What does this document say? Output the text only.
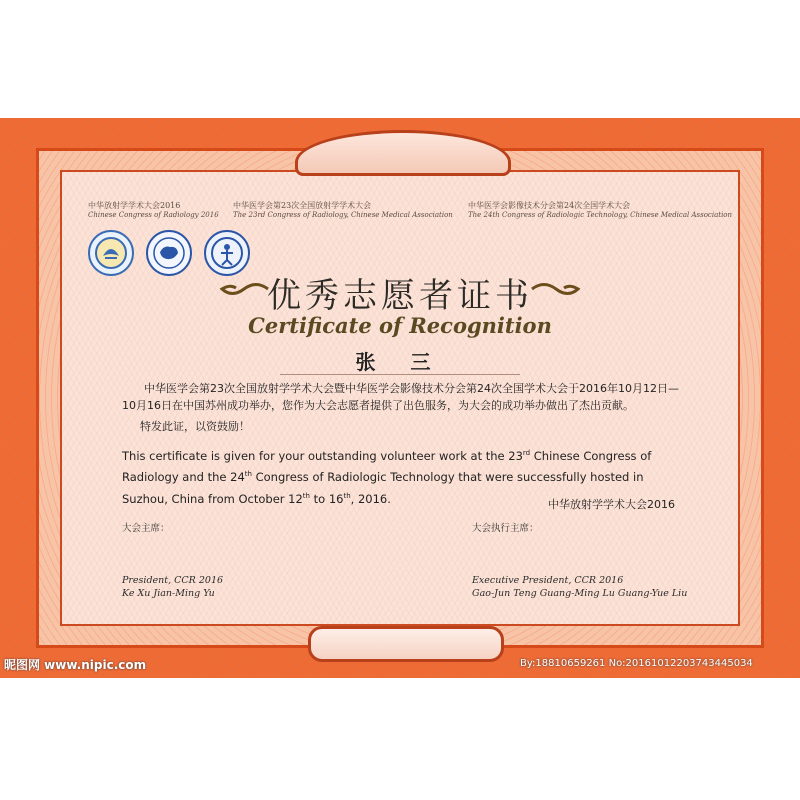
中华放射学学术大会2016
Chinese Congress of Radiology 2016
中华医学会第23次全国放射学学术大会
The 23rd Congress of Radiology, Chinese Medical Association
中华医学会影像技术分会第24次全国学术大会
The 24th Congress of Radiologic Technology, Chinese Medical Association
优秀志愿者证书
Certificate of Recognition
张 三
中华医学会第23次全国放射学学术大会暨中华医学会影像技术分会第24次全国学术大会于2016年10月12日—10月16日在中国苏州成功举办，您作为大会志愿者提供了出色服务，为大会的成功举办做出了杰出贡献。
特发此证，以资鼓励！
This certificate is given for your outstanding volunteer work at the 23rd Chinese Congress of Radiology and the 24th Congress of Radiologic Technology that were successfully hosted in Suzhou, China from October 12th to 16th, 2016.	中华放射学学术大会2016
大会主席：	大会执行主席：
President, CCR 2016
Ke Xu Jian-Ming Yu
Executive President, CCR 2016
Gao-Jun Teng Guang-Ming Lu Guang-Yue Liu
昵图网 www.nipic.com	By:18810659261 No:20161012203743445034
